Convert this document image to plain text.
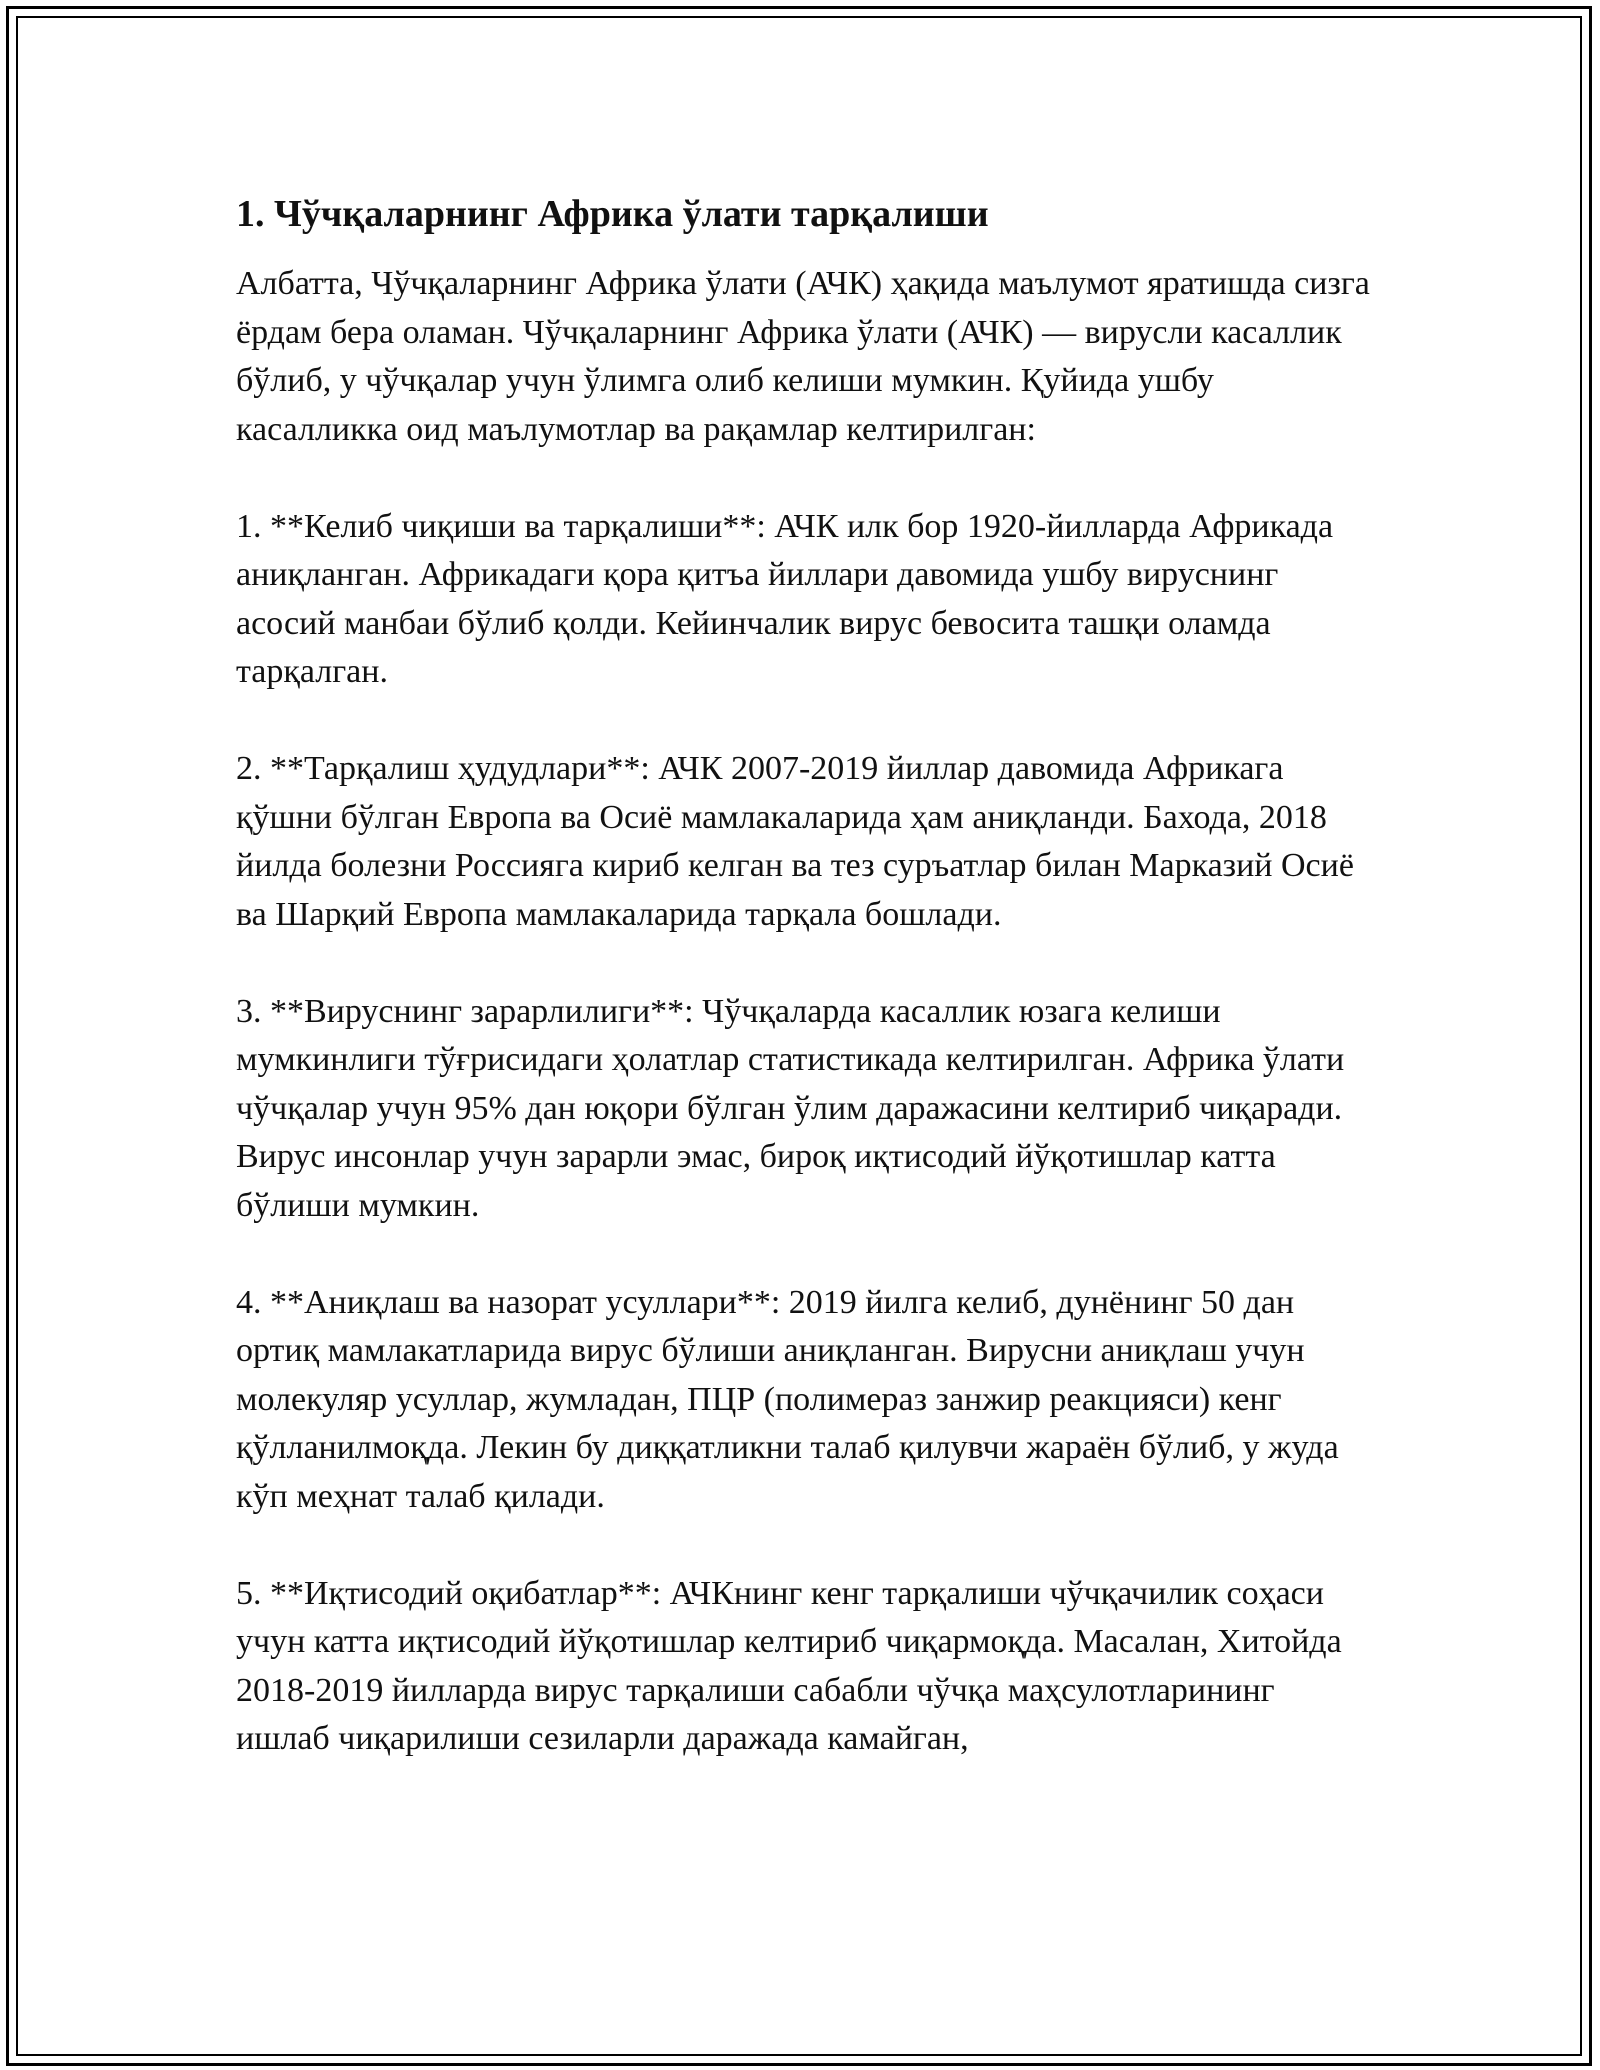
1. Чўчқаларнинг Африка ўлати тарқалиши

Албатта, Чўчқаларнинг Африка ўлати (АЧК) ҳақида маълумот яратишда сизга ёрдам бера оламан. Чўчқаларнинг Африка ўлати (АЧК) — вирусли касаллик бўлиб, у чўчқалар учун ўлимга олиб келиши мумкин. Қуйида ушбу касалликка оид маълумотлар ва рақамлар келтирилган:

1. **Келиб чиқиши ва тарқалиши**: АЧК илк бор 1920-йилларда Африкада аниқланган. Африкадаги қора қитъа йиллари давомида ушбу вируснинг асосий манбаи бўлиб қолди. Кейинчалик вирус бевосита ташқи оламда тарқалган.

2. **Тарқалиш ҳудудлари**: АЧК 2007-2019 йиллар давомида Африкага қўшни бўлган Европа ва Осиё мамлакаларида ҳам аниқланди. Бахода, 2018 йилда болезни Россияга кириб келган ва тез суръатлар билан Марказий Осиё ва Шарқий Европа мамлакаларида тарқала бошлади.

3. **Вируснинг зарарлилиги**: Чўчқаларда касаллик юзага келиши мумкинлиги тўғрисидаги ҳолатлар статистикада келтирилган. Африка ўлати чўчқалар учун 95% дан юқори бўлган ўлим даражасини келтириб чиқаради. Вирус инсонлар учун зарарли эмас, бироқ иқтисодий йўқотишлар катта бўлиши мумкин.

4. **Аниқлаш ва назорат усуллари**: 2019 йилга келиб, дунёнинг 50 дан ортиқ мамлакатларида вирус бўлиши аниқланган. Вирусни аниқлаш учун молекуляр усуллар, жумладан, ПЦР (полимераз занжир реакцияси) кенг қўлланилмоқда. Лекин бу диққатликни талаб қилувчи жараён бўлиб, у жуда кўп меҳнат талаб қилади.

5. **Иқтисодий оқибатлар**: АЧКнинг кенг тарқалиши чўчқачилик соҳаси учун катта иқтисодий йўқотишлар келтириб чиқармоқда. Масалан, Хитойда 2018-2019 йилларда вирус тарқалиши сабабли чўчқа маҳсулотларининг ишлаб чиқарилиши сезиларли даражада камайган,
